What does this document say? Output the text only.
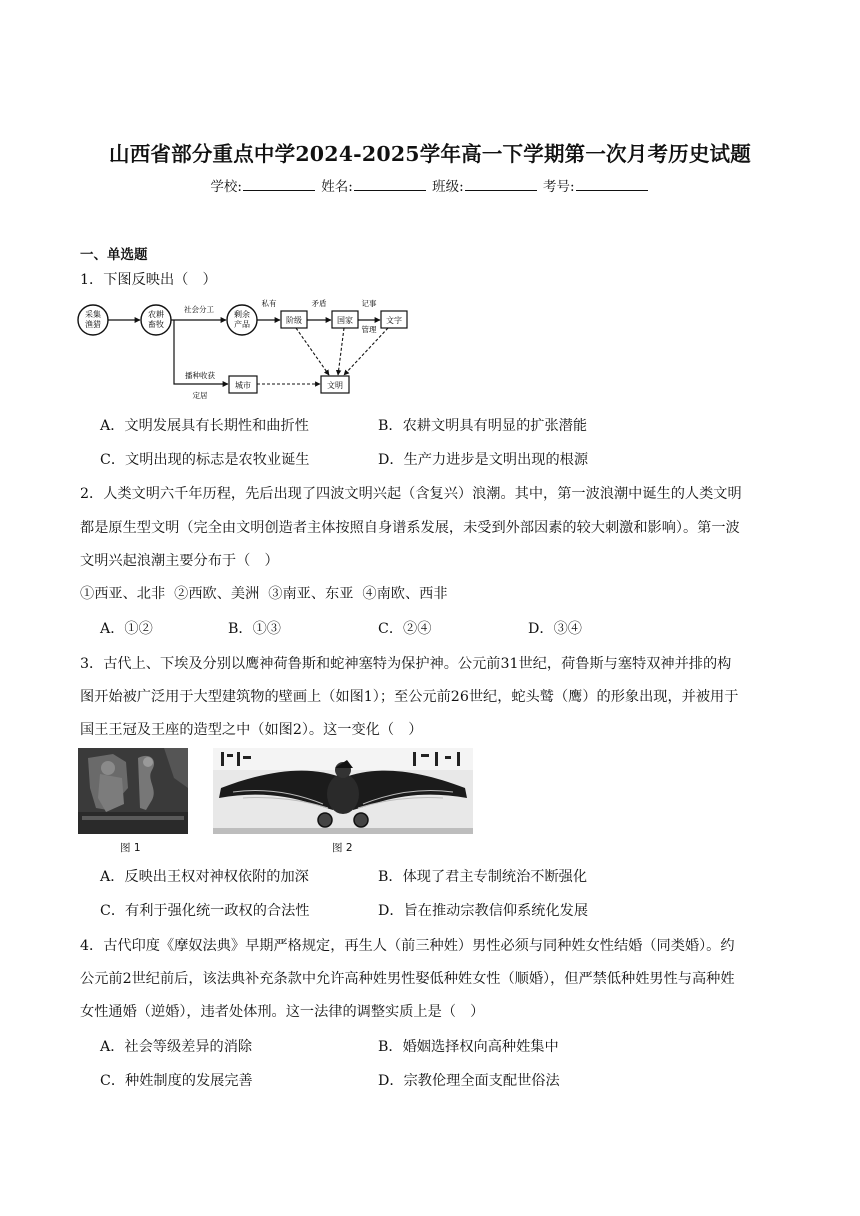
山西省部分重点中学2024-2025学年高一下学期第一次月考历史试题
学校:	姓名:	班级:	考号:
一、单选题
1．下图反映出（　）
采集
渔猎
农耕
畜牧
剩余
产品	阶级	国家	文字
城市	文明
社会分工
私有	矛盾	记事
管理
播种收获
定居
A．文明发展具有长期性和曲折性	B．农耕文明具有明显的扩张潜能
C．文明出现的标志是农牧业诞生	D．生产力进步是文明出现的根源
2．人类文明六千年历程，先后出现了四波文明兴起（含复兴）浪潮。其中，第一波浪潮中诞生的人类文明
都是原生型文明（完全由文明创造者主体按照自身谱系发展，未受到外部因素的较大刺激和影响）。第一波
文明兴起浪潮主要分布于（　）
①西亚、北非  ②西欧、美洲  ③南亚、东亚  ④南欧、西非
A．①②	B．①③	C．②④	D．③④
3．古代上、下埃及分别以鹰神荷鲁斯和蛇神塞特为保护神。公元前31世纪，荷鲁斯与塞特双神并排的构
图开始被广泛用于大型建筑物的壁画上（如图1）；至公元前26世纪，蛇头鹫（鹰）的形象出现，并被用于
国王王冠及王座的造型之中（如图2）。这一变化（　）
图 1	图 2
A．反映出王权对神权依附的加深	B．体现了君主专制统治不断强化
C．有利于强化统一政权的合法性	D．旨在推动宗教信仰系统化发展
4．古代印度《摩奴法典》早期严格规定，再生人（前三种姓）男性必须与同种姓女性结婚（同类婚）。约
公元前2世纪前后，该法典补充条款中允许高种姓男性娶低种姓女性（顺婚），但严禁低种姓男性与高种姓
女性通婚（逆婚），违者处体刑。这一法律的调整实质上是（　）
A．社会等级差异的消除	B．婚姻选择权向高种姓集中
C．种姓制度的发展完善	D．宗教伦理全面支配世俗法
